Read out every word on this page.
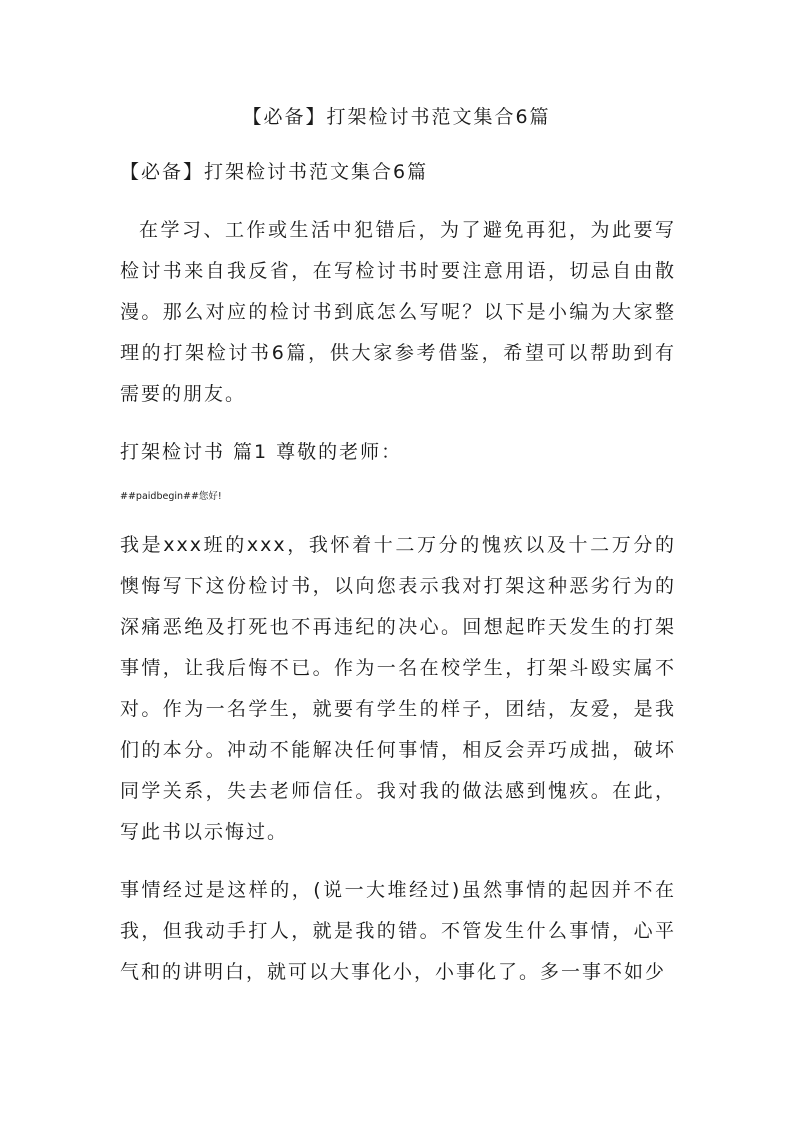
【必备】打架检讨书范文集合6篇

【必备】打架检讨书范文集合6篇

在学习、工作或生活中犯错后，为了避免再犯，为此要写检讨书来自我反省，在写检讨书时要注意用语，切忌自由散漫。那么对应的检讨书到底怎么写呢？以下是小编为大家整理的打架检讨书6篇，供大家参考借鉴，希望可以帮助到有需要的朋友。

打架检讨书 篇1 尊敬的老师：

##paidbegin##您好!

我是xxx班的xxx，我怀着十二万分的愧疚以及十二万分的懊悔写下这份检讨书，以向您表示我对打架这种恶劣行为的深痛恶绝及打死也不再违纪的决心。回想起昨天发生的打架事情，让我后悔不已。作为一名在校学生，打架斗殴实属不对。作为一名学生，就要有学生的样子，团结，友爱，是我们的本分。冲动不能解决任何事情，相反会弄巧成拙，破坏同学关系，失去老师信任。我对我的做法感到愧疚。在此，写此书以示悔过。

事情经过是这样的，(说一大堆经过)虽然事情的起因并不在我，但我动手打人，就是我的错。不管发生什么事情，心平气和的讲明白，就可以大事化小，小事化了。多一事不如少
